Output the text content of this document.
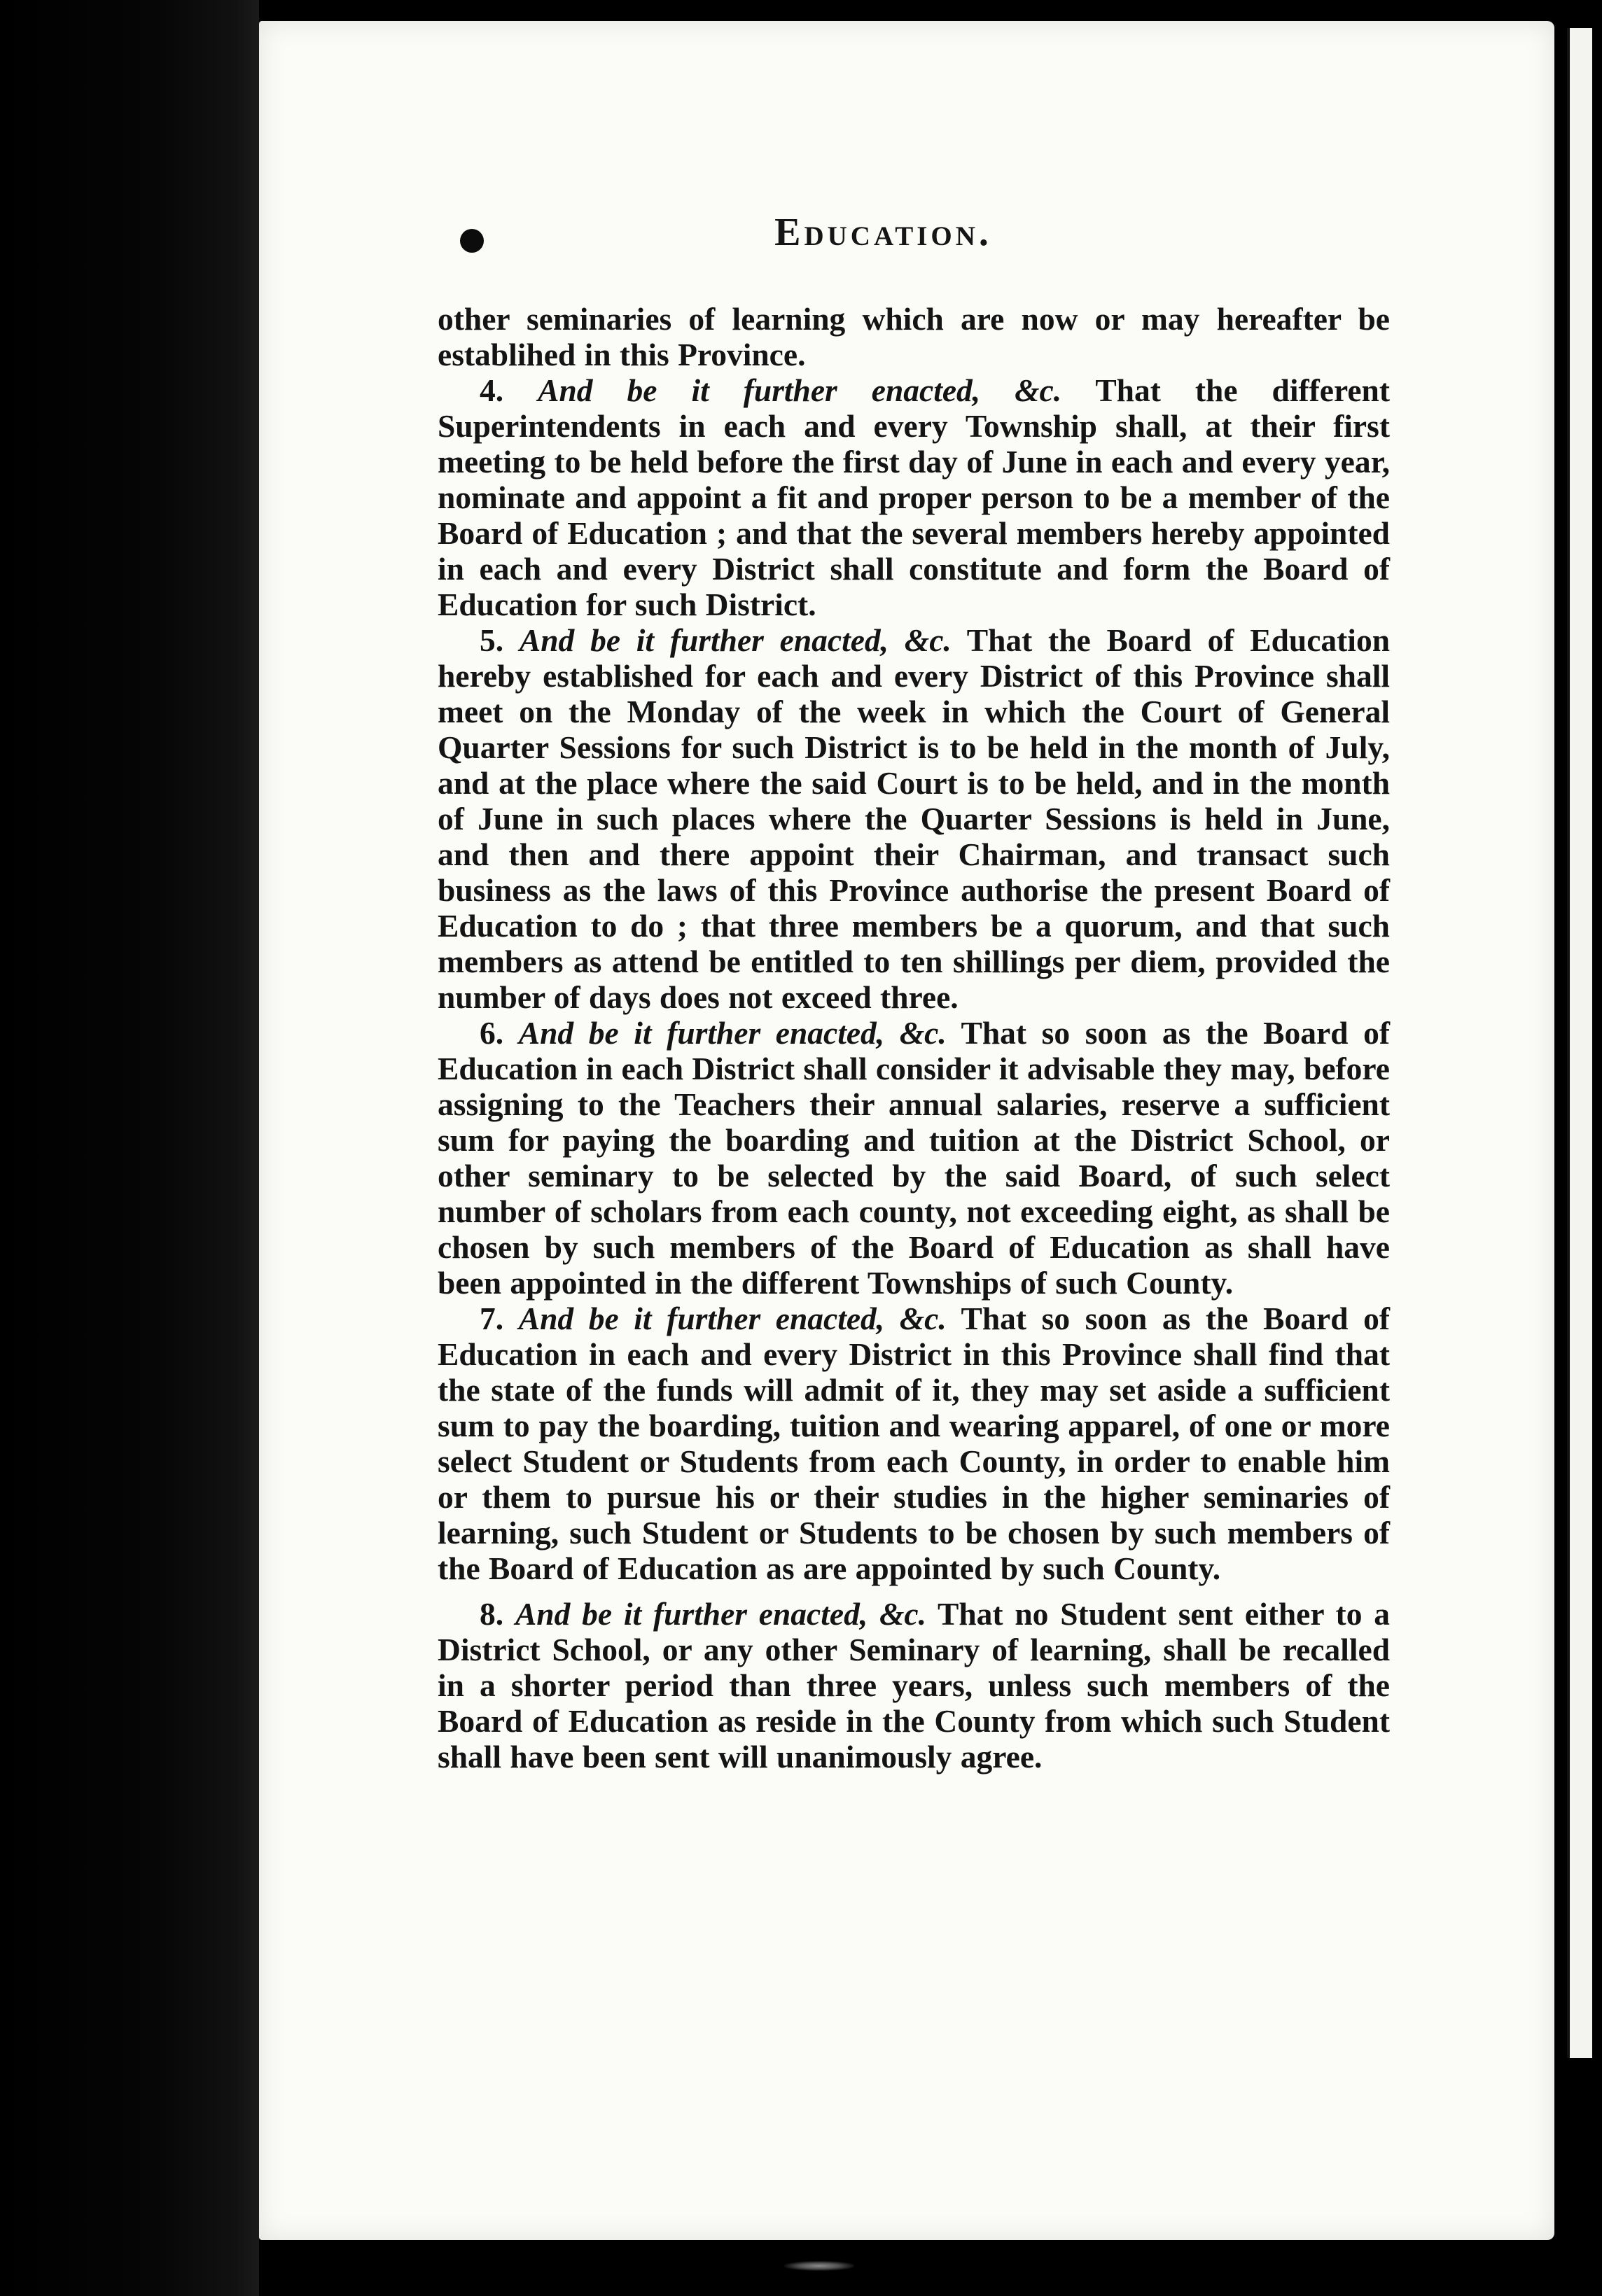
Education.

other seminaries of learning which are now or may hereafter be establihed in this Province.

4. And be it further enacted, &c. That the different Superintendents in each and every Township shall, at their first meeting to be held before the first day of June in each and every year, nominate and appoint a fit and proper person to be a member of the Board of Education ; and that the several members hereby appointed in each and every District shall constitute and form the Board of Education for such District.

5. And be it further enacted, &c. That the Board of Education hereby established for each and every District of this Province shall meet on the Monday of the week in which the Court of General Quarter Sessions for such District is to be held in the month of July, and at the place where the said Court is to be held, and in the month of June in such places where the Quarter Sessions is held in June, and then and there appoint their Chairman, and transact such business as the laws of this Province authorise the present Board of Education to do ; that three members be a quorum, and that such members as attend be entitled to ten shillings per diem, provided the number of days does not exceed three.

6. And be it further enacted, &c. That so soon as the Board of Education in each District shall consider it advisable they may, before assigning to the Teachers their annual salaries, reserve a sufficient sum for paying the boarding and tuition at the District School, or other seminary to be selected by the said Board, of such select number of scholars from each county, not exceeding eight, as shall be chosen by such members of the Board of Education as shall have been appointed in the different Townships of such County.

7. And be it further enacted, &c. That so soon as the Board of Education in each and every District in this Province shall find that the state of the funds will admit of it, they may set aside a sufficient sum to pay the boarding, tuition and wearing apparel, of one or more select Student or Students from each County, in order to enable him or them to pursue his or their studies in the higher seminaries of learning, such Student or Students to be chosen by such members of the Board of Education as are appointed by such County.

8. And be it further enacted, &c. That no Student sent either to a District School, or any other Seminary of learning, shall be recalled in a shorter period than three years, unless such members of the Board of Education as reside in the County from which such Student shall have been sent will unanimously agree.
